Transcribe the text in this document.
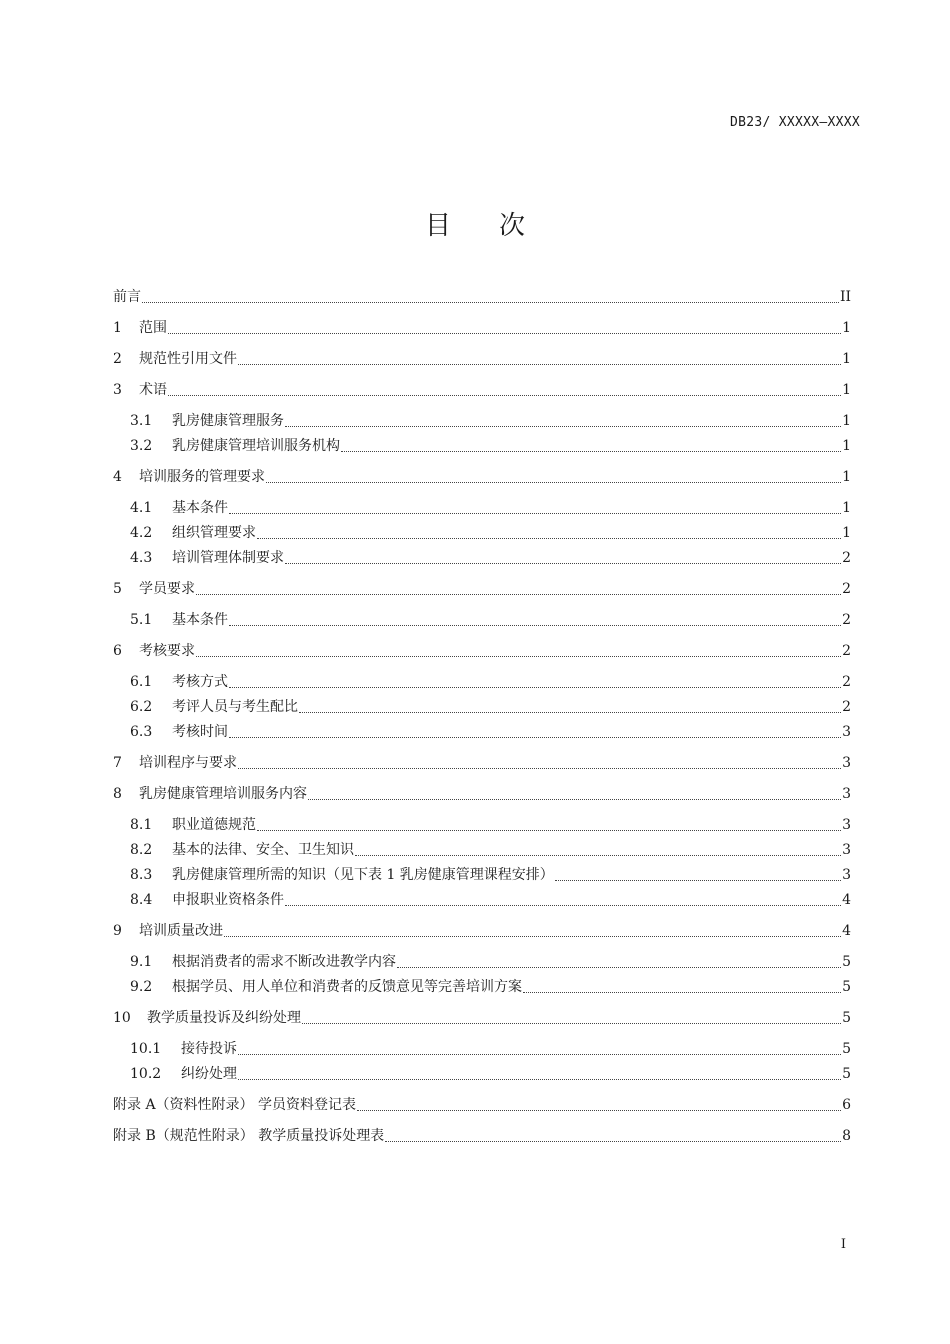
DB23/ XXXXX—XXXX
目 次
前言	II
1	范围	1
2	规范性引用文件	1
3	术语	1
3.1	乳房健康管理服务	1
3.2	乳房健康管理培训服务机构	1
4	培训服务的管理要求	1
4.1	基本条件	1
4.2	组织管理要求	1
4.3	培训管理体制要求	2
5	学员要求	2
5.1	基本条件	2
6	考核要求	2
6.1	考核方式	2
6.2	考评人员与考生配比	2
6.3	考核时间	3
7	培训程序与要求	3
8	乳房健康管理培训服务内容	3
8.1	职业道德规范	3
8.2	基本的法律、安全、卫生知识	3
8.3	乳房健康管理所需的知识（见下表 1 乳房健康管理课程安排）	3
8.4	申报职业资格条件	4
9	培训质量改进	4
9.1	根据消费者的需求不断改进教学内容	5
9.2	根据学员、用人单位和消费者的反馈意见等完善培训方案	5
10	教学质量投诉及纠纷处理	5
10.1	接待投诉	5
10.2	纠纷处理	5
附录 A（资料性附录） 学员资料登记表	6
附录 B（规范性附录） 教学质量投诉处理表	8
I
